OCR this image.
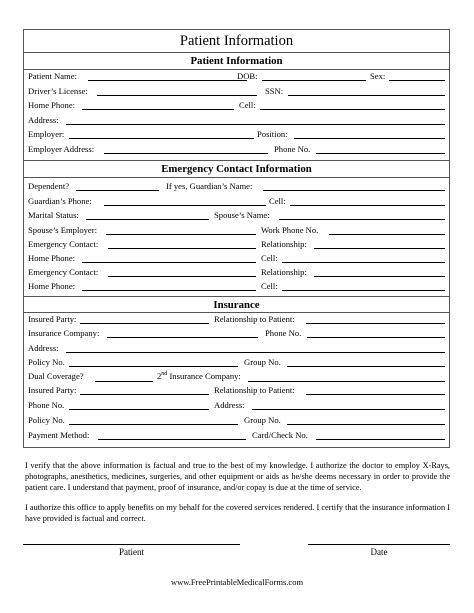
Patient Information
Patient Information
Patient Name:	DOB:	Sex:
Driver’s License:	SSN:
Home Phone:	Cell:
Address:
Employer:	Position:
Employer Address:	Phone No.
Emergency Contact Information
Dependent?	If yes, Guardian’s Name:
Guardian’s Phone:	Cell:
Marital Status:	Spouse’s Name:
Spouse’s Employer:	Work Phone No.
Emergency Contact:	Relationship:
Home Phone:	Cell:
Emergency Contact:	Relationship:
Home Phone:	Cell:
Insurance
Insured Party:	Relationship to Patient:
Insurance Company:	Phone No.
Address:
Policy No.	Group No.
Dual Coverage?	2nd Insurance Company:
Insured Party:	Relationship to Patient:
Phone No.	Address:
Policy No.	Group No.
Payment Method:	Card/Check No.
I verify that the above information is factual and true to the best of my knowledge. I authorize the doctor to employ X-Rays, photographs, anesthetics, medicines, surgeries, and other equipment or aids as he/she deems necessary in order to provide the patient care. I understand that payment, proof of insurance, and/or copay is due at the time of service.
I authorize this office to apply benefits on my behalf for the covered services rendered. I certify that the insurance information I have provided is factual and correct.
Patient	Date
www.FreePrintableMedicalForms.com
